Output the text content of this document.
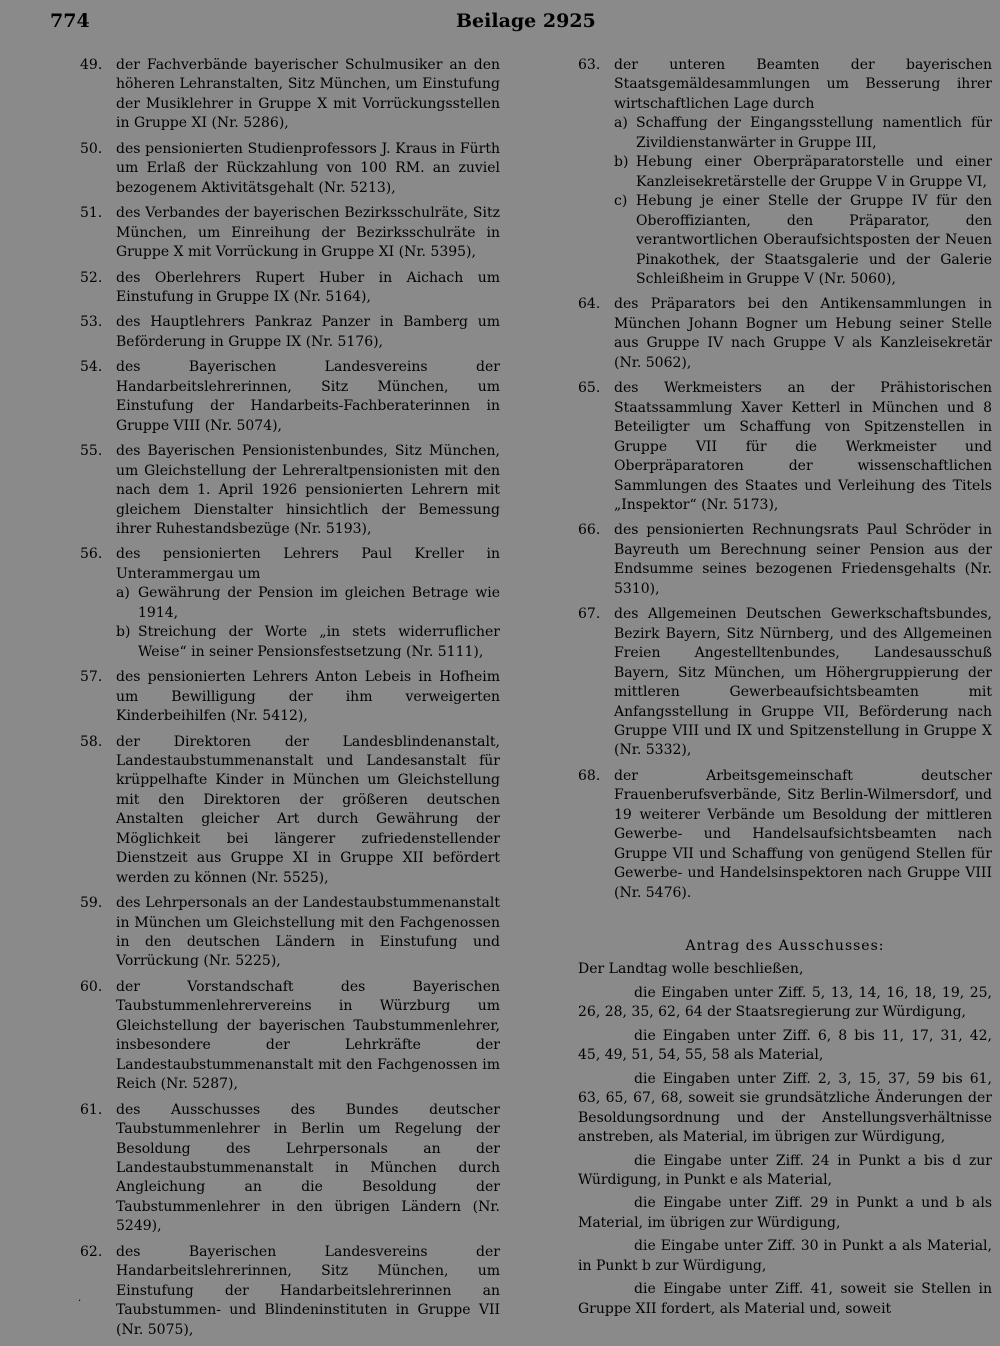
774	Beilage 2925
49. der Fachverbände bayerischer Schulmusiker an den höheren Lehranstalten, Sitz München, um Einstufung der Musiklehrer in Gruppe X mit Vorrückungsstellen in Gruppe XI (Nr. 5286),
50. des pensionierten Studienprofessors J. Kraus in Fürth um Erlaß der Rückzahlung von 100 RM. an zuviel bezogenem Aktivitätsgehalt (Nr. 5213),
51. des Verbandes der bayerischen Bezirksschulräte, Sitz München, um Einreihung der Bezirksschulräte in Gruppe X mit Vorrückung in Gruppe XI (Nr. 5395),
52. des Oberlehrers Rupert Huber in Aichach um Einstufung in Gruppe IX (Nr. 5164),
53. des Hauptlehrers Pankraz Panzer in Bamberg um Beförderung in Gruppe IX (Nr. 5176),
54. des Bayerischen Landesvereins der Handarbeitslehrerinnen, Sitz München, um Einstufung der Handarbeits-Fachberaterinnen in Gruppe VIII (Nr. 5074),
55. des Bayerischen Pensionistenbundes, Sitz München, um Gleichstellung der Lehreraltpensionisten mit den nach dem 1. April 1926 pensionierten Lehrern mit gleichem Dienstalter hinsichtlich der Bemessung ihrer Ruhestandsbezüge (Nr. 5193),
56. des pensionierten Lehrers Paul Kreller in Unterammergau um
a) Gewährung der Pension im gleichen Betrage wie 1914,
b) Streichung der Worte „in stets widerruflicher Weise“ in seiner Pensionsfestsetzung (Nr. 5111),
57. des pensionierten Lehrers Anton Lebeis in Hofheim um Bewilligung der ihm verweigerten Kinderbeihilfen (Nr. 5412),
58. der Direktoren der Landesblindenanstalt, Landestaubstummenanstalt und Landesanstalt für krüppelhafte Kinder in München um Gleichstellung mit den Direktoren der größeren deutschen Anstalten gleicher Art durch Gewährung der Möglichkeit bei längerer zufriedenstellender Dienstzeit aus Gruppe XI in Gruppe XII befördert werden zu können (Nr. 5525),
59. des Lehrpersonals an der Landestaubstummenanstalt in München um Gleichstellung mit den Fachgenossen in den deutschen Ländern in Einstufung und Vorrückung (Nr. 5225),
60. der Vorstandschaft des Bayerischen Taubstummenlehrervereins in Würzburg um Gleichstellung der bayerischen Taubstummenlehrer, insbesondere der Lehrkräfte der Landestaubstummenanstalt mit den Fachgenossen im Reich (Nr. 5287),
61. des Ausschusses des Bundes deutscher Taubstummenlehrer in Berlin um Regelung der Besoldung des Lehrpersonals an der Landestaubstummenanstalt in München durch Angleichung an die Besoldung der Taubstummenlehrer in den übrigen Ländern (Nr. 5249),
62. des Bayerischen Landesvereins der Handarbeitslehrerinnen, Sitz München, um Einstufung der Handarbeitslehrerinnen an Taubstummen- und Blindeninstituten in Gruppe VII (Nr. 5075),
63. der unteren Beamten der bayerischen Staatsgemäldesammlungen um Besserung ihrer wirtschaftlichen Lage durch
a) Schaffung der Eingangsstellung namentlich für Zivildienstanwärter in Gruppe III,
b) Hebung einer Oberpräparatorstelle und einer Kanzleisekretärstelle der Gruppe V in Gruppe VI,
c) Hebung je einer Stelle der Gruppe IV für den Oberoffizianten, den Präparator, den verantwortlichen Oberaufsichtsposten der Neuen Pinakothek, der Staatsgalerie und der Galerie Schleißheim in Gruppe V (Nr. 5060),
64. des Präparators bei den Antikensammlungen in München Johann Bogner um Hebung seiner Stelle aus Gruppe IV nach Gruppe V als Kanzleisekretär (Nr. 5062),
65. des Werkmeisters an der Prähistorischen Staatssammlung Xaver Ketterl in München und 8 Beteiligter um Schaffung von Spitzenstellen in Gruppe VII für die Werkmeister und Oberpräparatoren der wissenschaftlichen Sammlungen des Staates und Verleihung des Titels „Inspektor“ (Nr. 5173),
66. des pensionierten Rechnungsrats Paul Schröder in Bayreuth um Berechnung seiner Pension aus der Endsumme seines bezogenen Friedensgehalts (Nr. 5310),
67. des Allgemeinen Deutschen Gewerkschaftsbundes, Bezirk Bayern, Sitz Nürnberg, und des Allgemeinen Freien Angestelltenbundes, Landesausschuß Bayern, Sitz München, um Höhergruppierung der mittleren Gewerbeaufsichtsbeamten mit Anfangsstellung in Gruppe VII, Beförderung nach Gruppe VIII und IX und Spitzenstellung in Gruppe X (Nr. 5332),
68. der Arbeitsgemeinschaft deutscher Frauenberufsverbände, Sitz Berlin-Wilmersdorf, und 19 weiterer Verbände um Besoldung der mittleren Gewerbe- und Handelsaufsichtsbeamten nach Gruppe VII und Schaffung von genügend Stellen für Gewerbe- und Handelsinspektoren nach Gruppe VIII (Nr. 5476).
Antrag des Ausschusses:
Der Landtag wolle beschließen,
die Eingaben unter Ziff. 5, 13, 14, 16, 18, 19, 25, 26, 28, 35, 62, 64 der Staatsregierung zur Würdigung,
die Eingaben unter Ziff. 6, 8 bis 11, 17, 31, 42, 45, 49, 51, 54, 55, 58 als Material,
die Eingaben unter Ziff. 2, 3, 15, 37, 59 bis 61, 63, 65, 67, 68, soweit sie grundsätzliche Änderungen der Besoldungsordnung und der Anstellungsverhältnisse anstreben, als Material, im übrigen zur Würdigung,
die Eingabe unter Ziff. 24 in Punkt a bis d zur Würdigung, in Punkt e als Material,
die Eingabe unter Ziff. 29 in Punkt a und b als Material, im übrigen zur Würdigung,
die Eingabe unter Ziff. 30 in Punkt a als Material, in Punkt b zur Würdigung,
die Eingabe unter Ziff. 41, soweit sie Stellen in Gruppe XII fordert, als Material und, soweit
·
